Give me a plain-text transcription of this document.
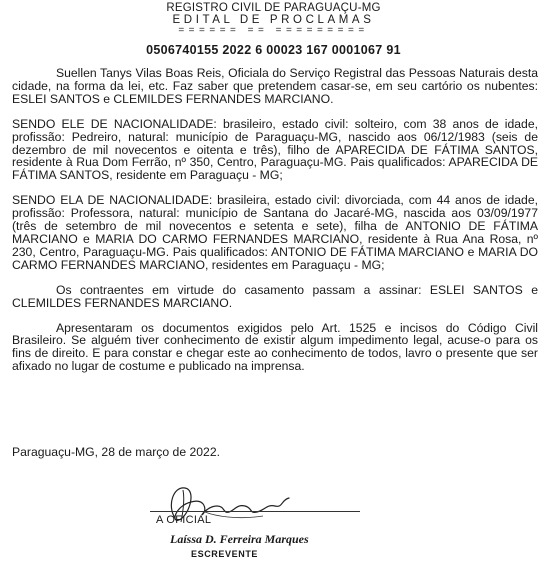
REGISTRO CIVIL DE PARAGUAÇU-MG
EDITAL DE PROCLAMAS
====== == =========
0506740155 2022 6 00023 167 0001067 91

Suellen Tanys Vilas Boas Reis, Oficiala do Serviço Registral das Pessoas Naturais desta cidade, na forma da lei, etc. Faz saber que pretendem casar-se, em seu cartório os nubentes: ESLEI SANTOS e CLEMILDES FERNANDES MARCIANO.

SENDO ELE DE NACIONALIDADE: brasileiro, estado civil: solteiro, com 38 anos de idade, profissão: Pedreiro, natural: município de Paraguaçu-MG, nascido aos 06/12/1983 (seis de dezembro de mil novecentos e oitenta e três), filho de APARECIDA DE FÁTIMA SANTOS, residente à Rua Dom Ferrão, nº 350, Centro, Paraguaçu-MG. Pais qualificados: APARECIDA DE FÁTIMA SANTOS, residente em Paraguaçu - MG;

SENDO ELA DE NACIONALIDADE: brasileira, estado civil: divorciada, com 44 anos de idade, profissão: Professora, natural: município de Santana do Jacaré-MG, nascida aos 03/09/1977 (três de setembro de mil novecentos e setenta e sete), filha de ANTONIO DE FÁTIMA MARCIANO e MARIA DO CARMO FERNANDES MARCIANO, residente à Rua Ana Rosa, nº 230, Centro, Paraguaçu-MG. Pais qualificados: ANTONIO DE FÁTIMA MARCIANO e MARIA DO CARMO FERNANDES MARCIANO, residentes em Paraguaçu - MG;

Os contraentes em virtude do casamento passam a assinar: ESLEI SANTOS e CLEMILDES FERNANDES MARCIANO.

Apresentaram os documentos exigidos pelo Art. 1525 e incisos do Código Civil Brasileiro. Se alguém tiver conhecimento de existir algum impedimento legal, acuse-o para os fins de direito. E para constar e chegar este ao conhecimento de todos, lavro o presente que ser afixado no lugar de costume e publicado na imprensa.

Paraguaçu-MG, 28 de março de 2022.
A OFICIAL
Laíssa D. Ferreira Marques
ESCREVENTE
